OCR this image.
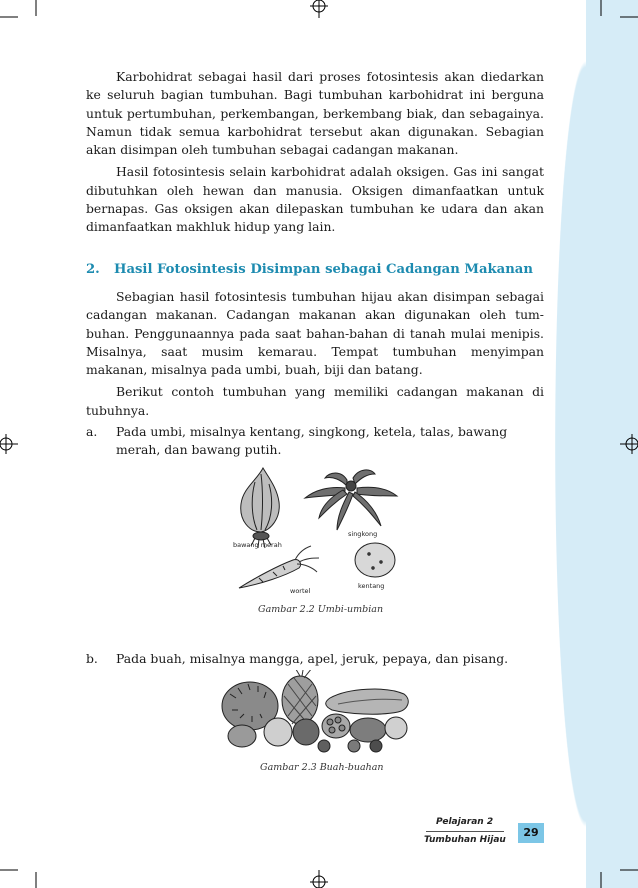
Karbohidrat sebagai hasil dari proses fotosintesis akan diedarkan ke seluruh bagian tumbuhan. Bagi tumbuhan karbohidrat ini berguna untuk pertumbuhan, perkembangan, berkembang biak, dan sebagainya. Namun tidak semua karbohidrat tersebut akan digunakan. Sebagian akan disimpan oleh tumbuhan sebagai cadangan makanan.

Hasil fotosintesis selain karbohidrat adalah oksigen. Gas ini sangat dibutuhkan oleh hewan dan manusia. Oksigen dimanfaatkan untuk bernapas. Gas oksigen akan dilepaskan tumbuhan ke udara dan akan dimanfaatkan makhluk hidup yang lain.

2. Hasil Fotosintesis Disimpan sebagai Cadangan Makanan

Sebagian hasil fotosintesis tumbuhan hijau akan disimpan sebagai cadangan makanan. Cadangan makanan akan digunakan oleh tum-buhan. Penggunaannya pada saat bahan-bahan di tanah mulai menipis. Misalnya, saat musim kemarau. Tempat tumbuhan menyimpan makanan, misalnya pada umbi, buah, biji dan batang.

Berikut contoh tumbuhan yang memiliki cadangan makanan di tubuhnya.

a. Pada umbi, misalnya kentang, singkong, ketela, talas, bawang merah, dan bawang putih.
bawang merah
singkong
wortel
kentang
Gambar 2.2 Umbi-umbian
b. Pada buah, misalnya mangga, apel, jeruk, pepaya, dan pisang.
Gambar 2.3 Buah-buahan
Pelajaran 2
Tumbuhan Hijau
29
